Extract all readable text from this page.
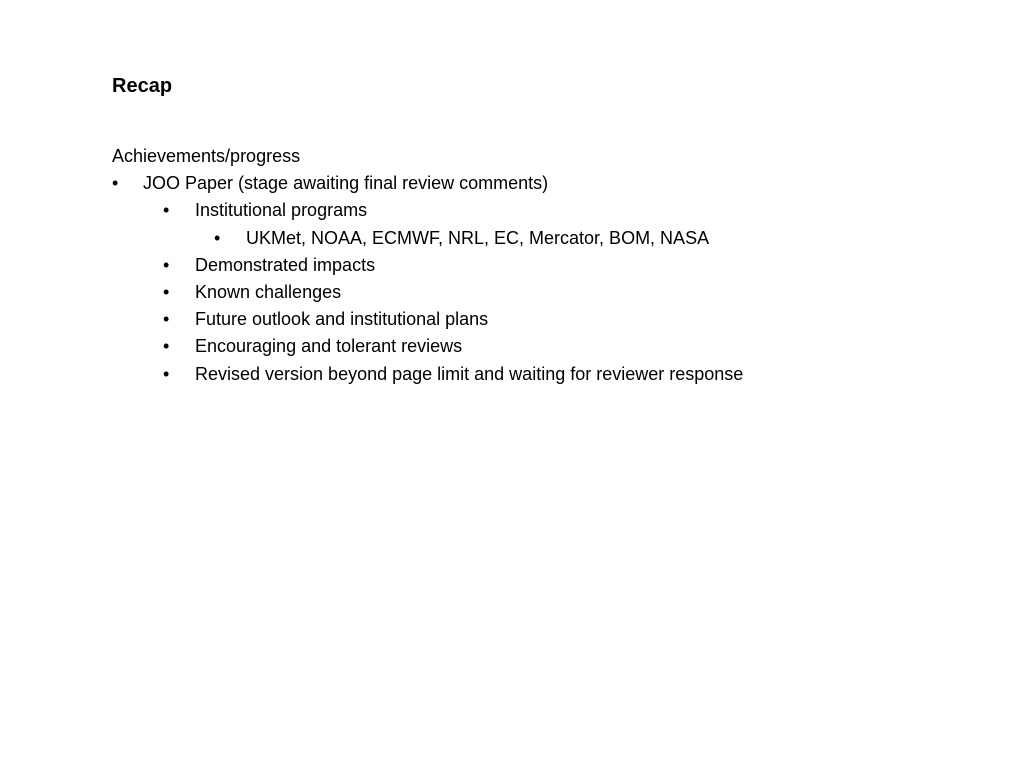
Recap
Achievements/progress
• JOO Paper (stage awaiting final review comments)
• Institutional programs
• UKMet, NOAA, ECMWF, NRL, EC, Mercator, BOM, NASA
• Demonstrated impacts
• Known challenges
• Future outlook and institutional plans
• Encouraging and tolerant reviews
• Revised version beyond page limit and waiting for reviewer response
